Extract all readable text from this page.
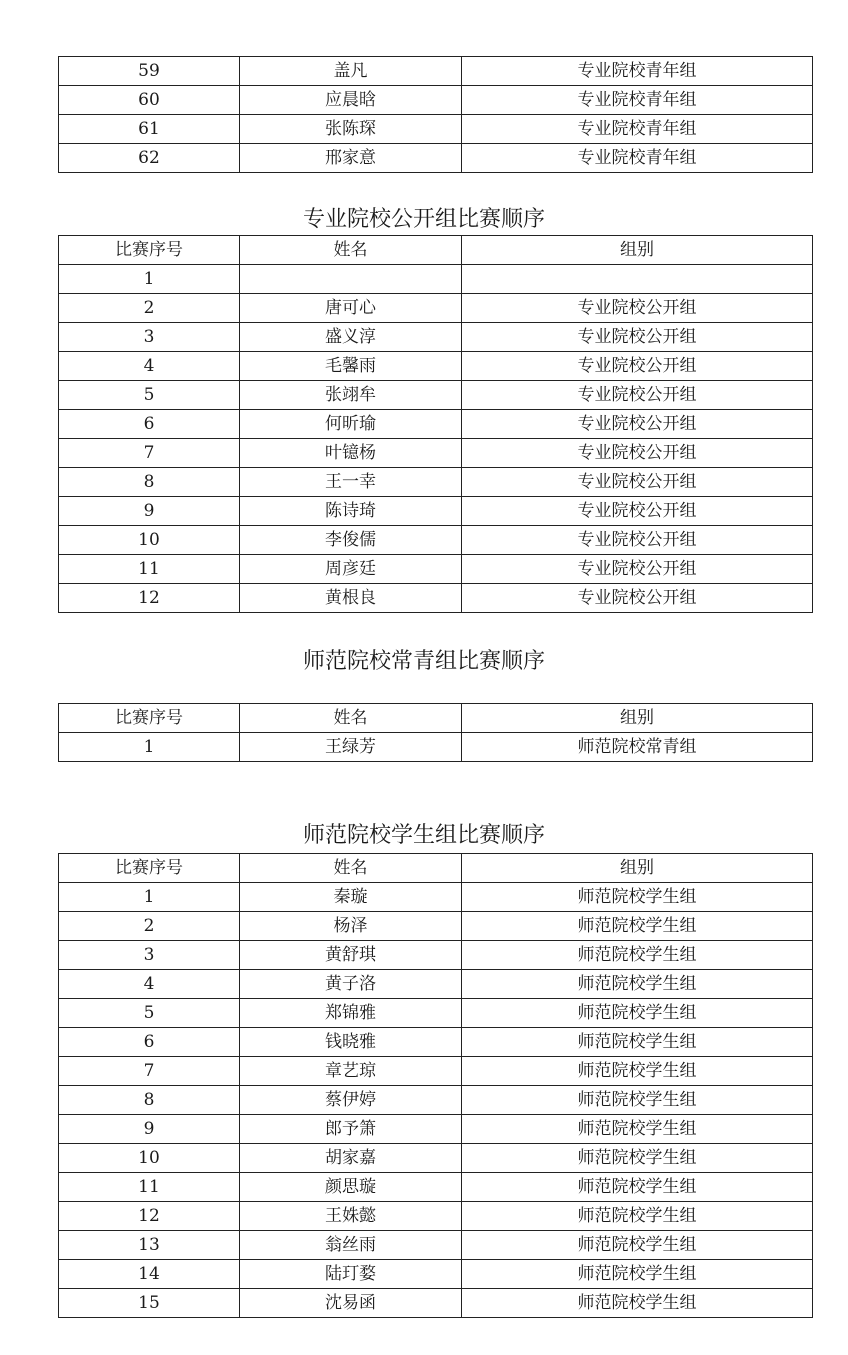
59	盖凡	专业院校青年组
60	应晨晗	专业院校青年组
61	张陈琛	专业院校青年组
62	邢家意	专业院校青年组
专业院校公开组比赛顺序
比赛序号	姓名	组别
1		
2	唐可心	专业院校公开组
3	盛义淳	专业院校公开组
4	毛馨雨	专业院校公开组
5	张翊牟	专业院校公开组
6	何昕瑜	专业院校公开组
7	叶镱杨	专业院校公开组
8	王一幸	专业院校公开组
9	陈诗琦	专业院校公开组
10	李俊儒	专业院校公开组
11	周彦廷	专业院校公开组
12	黄根良	专业院校公开组
师范院校常青组比赛顺序
比赛序号	姓名	组别
1	王绿芳	师范院校常青组
师范院校学生组比赛顺序
比赛序号	姓名	组别
1	秦璇	师范院校学生组
2	杨泽	师范院校学生组
3	黄舒琪	师范院校学生组
4	黄子洛	师范院校学生组
5	郑锦雅	师范院校学生组
6	钱晓雅	师范院校学生组
7	章艺琼	师范院校学生组
8	蔡伊婷	师范院校学生组
9	郎予箫	师范院校学生组
10	胡家嘉	师范院校学生组
11	颜思璇	师范院校学生组
12	王姝懿	师范院校学生组
13	翁丝雨	师范院校学生组
14	陆玎婺	师范院校学生组
15	沈易函	师范院校学生组
